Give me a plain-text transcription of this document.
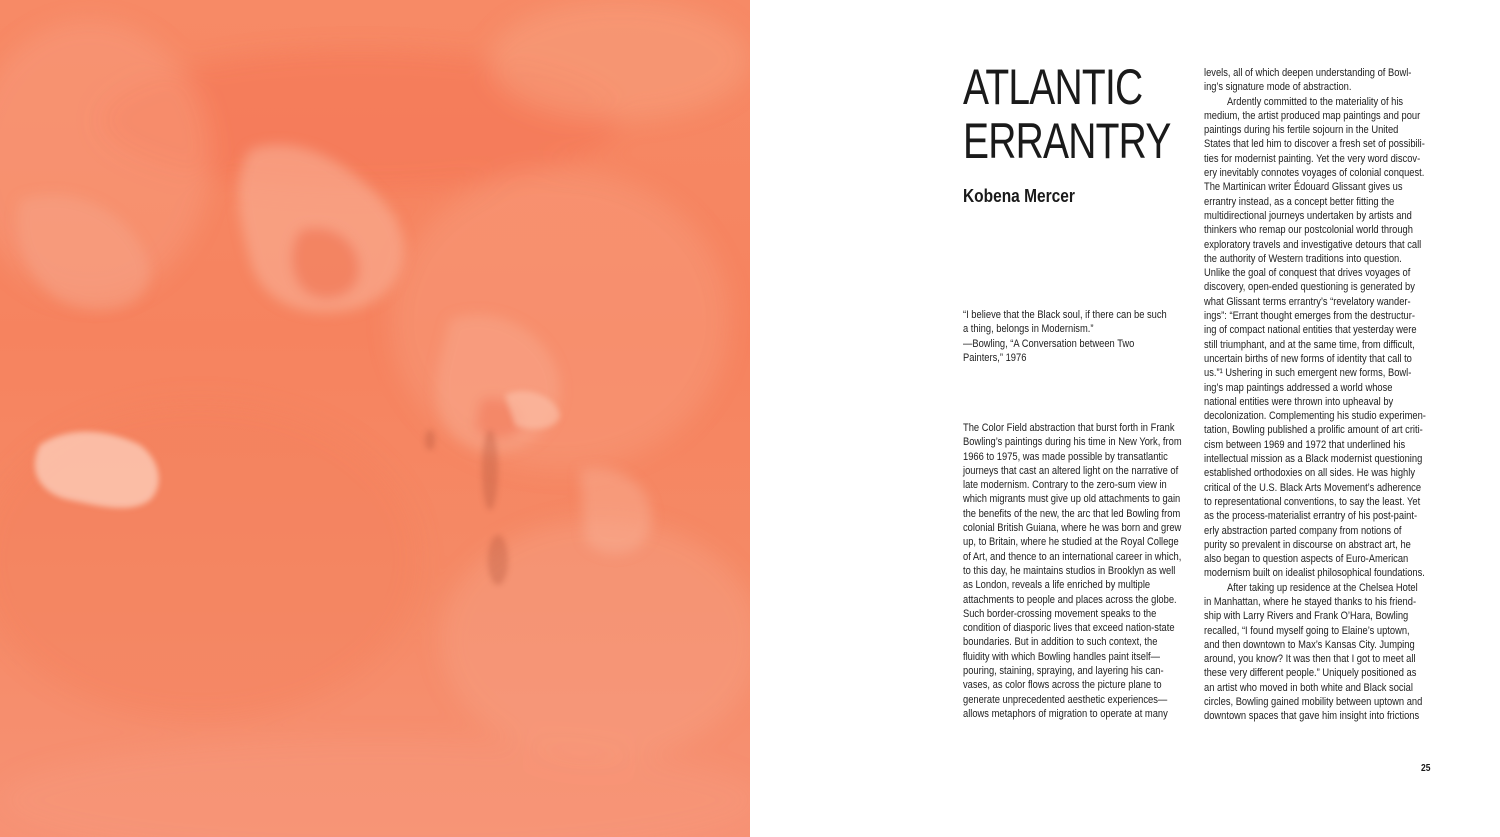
ATLANTIC
ERRANTRY
Kobena Mercer
“I believe that the Black soul, if there can be such
a thing, belongs in Modernism.”
—Bowling, “A Conversation between Two
Painters,” 1976
The Color Field abstraction that burst forth in Frank
Bowling’s paintings during his time in New York, from
1966 to 1975, was made possible by transatlantic
journeys that cast an altered light on the narrative of
late modernism. Contrary to the zero-sum view in
which migrants must give up old attachments to gain
the benefits of the new, the arc that led Bowling from
colonial British Guiana, where he was born and grew
up, to Britain, where he studied at the Royal College
of Art, and thence to an international career in which,
to this day, he maintains studios in Brooklyn as well
as London, reveals a life enriched by multiple
attachments to people and places across the globe.
Such border-crossing movement speaks to the
condition of diasporic lives that exceed nation-state
boundaries. But in addition to such context, the
fluidity with which Bowling handles paint itself—
pouring, staining, spraying, and layering his can-
vases, as color flows across the picture plane to
generate unprecedented aesthetic experiences—
allows metaphors of migration to operate at many
levels, all of which deepen understanding of Bowl-
ing’s signature mode of abstraction.
Ardently committed to the materiality of his
medium, the artist produced map paintings and pour
paintings during his fertile sojourn in the United
States that led him to discover a fresh set of possibili-
ties for modernist painting. Yet the very word discov-
ery inevitably connotes voyages of colonial conquest.
The Martinican writer Édouard Glissant gives us
errantry instead, as a concept better fitting the
multidirectional journeys undertaken by artists and
thinkers who remap our postcolonial world through
exploratory travels and investigative detours that call
the authority of Western traditions into question.
Unlike the goal of conquest that drives voyages of
discovery, open-ended questioning is generated by
what Glissant terms errantry’s “revelatory wander-
ings”: “Errant thought emerges from the destructur-
ing of compact national entities that yesterday were
still triumphant, and at the same time, from difficult,
uncertain births of new forms of identity that call to
us.”¹ Ushering in such emergent new forms, Bowl-
ing’s map paintings addressed a world whose
national entities were thrown into upheaval by
decolonization. Complementing his studio experimen-
tation, Bowling published a prolific amount of art criti-
cism between 1969 and 1972 that underlined his
intellectual mission as a Black modernist questioning
established orthodoxies on all sides. He was highly
critical of the U.S. Black Arts Movement’s adherence
to representational conventions, to say the least. Yet
as the process-materialist errantry of his post-paint-
erly abstraction parted company from notions of
purity so prevalent in discourse on abstract art, he
also began to question aspects of Euro-American
modernism built on idealist philosophical foundations.
After taking up residence at the Chelsea Hotel
in Manhattan, where he stayed thanks to his friend-
ship with Larry Rivers and Frank O’Hara, Bowling
recalled, “I found myself going to Elaine’s uptown,
and then downtown to Max’s Kansas City. Jumping
around, you know? It was then that I got to meet all
these very different people.” Uniquely positioned as
an artist who moved in both white and Black social
circles, Bowling gained mobility between uptown and
downtown spaces that gave him insight into frictions
25
